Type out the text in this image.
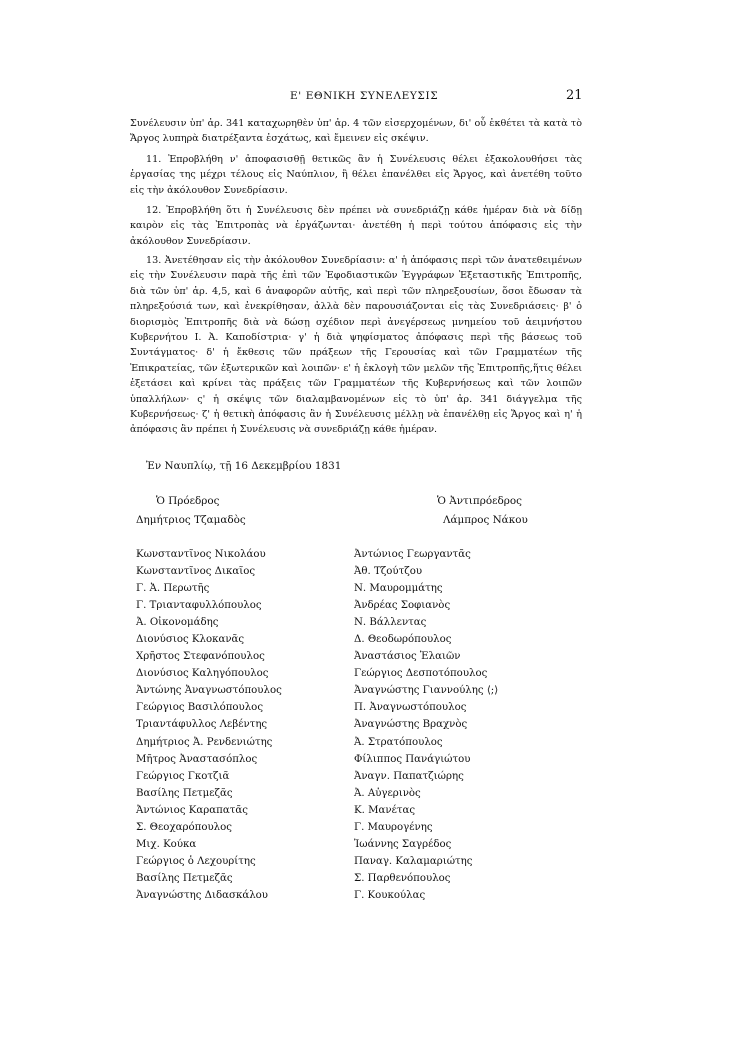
Ε' ΕΘΝΙΚΗ ΣΥΝΕΛΕΥΣΙΣ	21
Συνέλευσιν ὑπ' ἀρ. 341 καταχωρηθὲν ὑπ' ἀρ. 4 τῶν εἰσερχομένων, δι' οὗ ἐκθέτει τὰ κατὰ τὸ Ἄργος λυπηρὰ διατρέξαντα ἐσχάτως, καὶ ἔμεινεν εἰς σκέψιν.
11. Ἐπροβλήθη ν' ἀποφασισθῇ θετικῶς ἂν ἡ Συνέλευσις θέλει ἐξακολουθήσει τὰς ἐργασίας της μέχρι τέλους εἰς Ναύπλιον, ἢ θέλει ἐπανέλθει εἰς Ἄργος, καὶ ἀνετέθη τοῦτο εἰς τὴν ἀκόλουθον Συνεδρίασιν.
12. Ἐπροβλήθη ὅτι ἡ Συνέλευσις δὲν πρέπει νὰ συνεδριάζῃ κάθε ἡμέραν διὰ νὰ δίδῃ καιρὸν εἰς τὰς Ἐπιτροπὰς νὰ ἐργάζωνται· ἀνετέθη ἡ περὶ τούτου ἀπόφασις εἰς τὴν ἀκόλουθον Συνεδρίασιν.
13. Ἀνετέθησαν εἰς τὴν ἀκόλουθον Συνεδρίασιν: α' ἡ ἀπόφασις περὶ τῶν ἀνατεθειμένων εἰς τὴν Συνέλευσιν παρὰ τῆς ἐπὶ τῶν Ἐφοδιαστικῶν Ἐγγράφων Ἐξεταστικῆς Ἐπιτροπῆς, διὰ τῶν ὑπ' ἀρ. 4,5, καὶ 6 ἀναφορῶν αὐτῆς, καὶ περὶ τῶν πληρεξουσίων, ὅσοι ἔδωσαν τὰ πληρεξούσιά των, καὶ ἐνεκρίθησαν, ἀλλὰ δὲν παρουσιάζονται εἰς τὰς Συνεδριάσεις· β' ὁ διορισμὸς Ἐπιτροπῆς διὰ νὰ δώσῃ σχέδιον περὶ ἀνεγέρσεως μνημείου τοῦ ἀειμνήστου Κυβερνήτου Ι. Ἀ. Καποδίστρια· γ' ἡ διὰ ψηφίσματος ἀπόφασις περὶ τῆς βάσεως τοῦ Συντάγματος· δ' ἡ ἔκθεσις τῶν πράξεων τῆς Γερουσίας καὶ τῶν Γραμματέων τῆς Ἐπικρατείας, τῶν ἐξωτερικῶν καὶ λοιπῶν· ε' ἡ ἐκλογὴ τῶν μελῶν τῆς Ἐπιτροπῆς,ἥτις θέλει ἐξετάσει καὶ κρίνει τὰς πράξεις τῶν Γραμματέων τῆς Κυβερνήσεως καὶ τῶν λοιπῶν ὑπαλλήλων· ς' ἡ σκέψις τῶν διαλαμβανομένων εἰς τὸ ὑπ' ἀρ. 341 διάγγελμα τῆς Κυβερνήσεως· ζ' ἡ θετικὴ ἀπόφασις ἂν ἡ Συνέλευσις μέλλῃ νὰ ἐπανέλθῃ εἰς Ἄργος καὶ η' ἡ ἀπόφασις ἂν πρέπει ἡ Συνέλευσις νὰ συνεδριάζῃ κάθε ἡμέραν.
Ἐν Ναυπλίῳ, τῇ 16 Δεκεμβρίου 1831
Ὁ Πρόεδρος
Δημήτριος Τζαμαδὸς
Ὁ Ἀντιπρόεδρος
Λάμπρος Νάκου
Κωνσταντῖνος Νικολάου
Κωνσταντῖνος Δικαῖος
Γ. Ἀ. Περωτῆς
Γ. Τριανταφυλλόπουλος
Ἀ. Οἰκονομάδης
Διονύσιος Κλοκανᾶς
Χρῆστος Στεφανόπουλος
Διονύσιος Καληγόπουλος
Ἀντώνης Ἀναγνωστόπουλος
Γεώργιος Βασιλόπουλος
Τριαντάφυλλος Λεβέντης
Δημήτριος Ἀ. Ρενδενιώτης
Μῆτρος Ἀναστασόπλος
Γεώργιος Γκοτζιᾶ
Βασίλης Πετμεζᾶς
Ἀντώνιος Καραπατᾶς
Σ. Θεοχαρόπουλος
Μιχ. Κούκα
Γεώργιος ὁ Λεχουρίτης
Βασίλης Πετμεζᾶς
Ἀναγνώστης Διδασκάλου
Ἀντώνιος Γεωργαντᾶς
Ἀθ. Τζούτζου
Ν. Μαυρομμάτης
Ἀνδρέας Σοφιανὸς
Ν. Βάλλεντας
Δ. Θεοδωρόπουλος
Ἀναστάσιος Ἐλαιῶν
Γεώργιος Δεσποτόπουλος
Ἀναγνώστης Γιαννούλης ⟨;⟩
Π. Ἀναγνωστόπουλος
Ἀναγνώστης Βραχνὸς
Ἀ. Στρατόπουλος
Φίλιππος Πανάγιώτου
Ἀναγν. Παπατζιώρης
Ἀ. Αὐγερινὸς
Κ. Μανέτας
Γ. Μαυρογένης
Ἰωάννης Σαγρέδος
Παναγ. Καλαμαριώτης
Σ. Παρθενόπουλος
Γ. Κουκούλας
